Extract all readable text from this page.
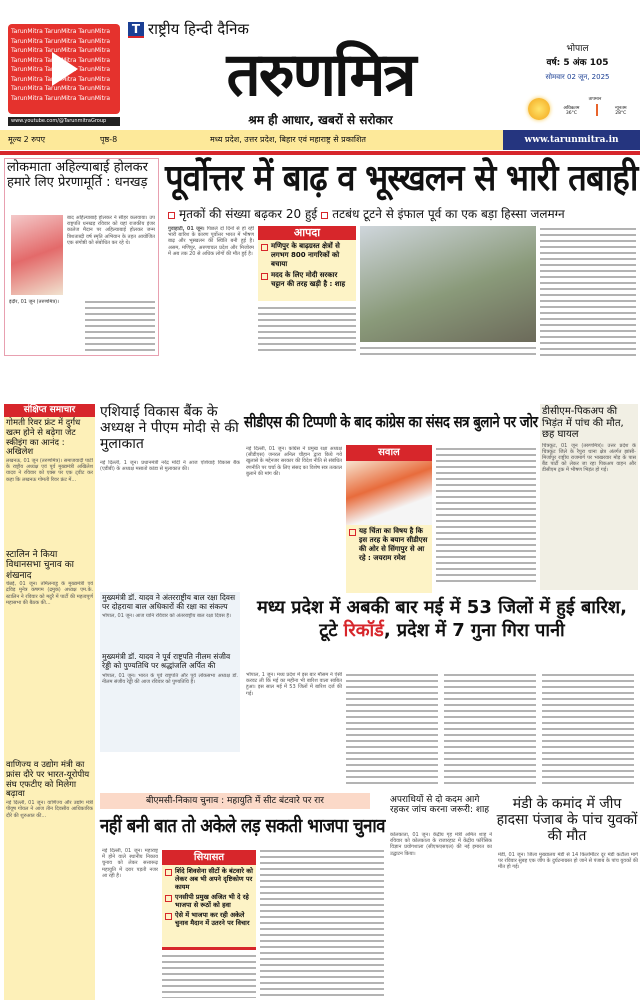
TarunMitra TarunMitra TarunMitra TarunMitra TarunMitra TarunMitra TarunMitra TarunMitra TarunMitra TarunMitra TarunMitra TarunMitra TarunMitra TarunMitra TarunMitra TarunMitra TarunMitra TarunMitra TarunMitra TarunMitra TarunMitra TarunMitra TarunMitra TarunMitra
www.youtube.com/@TarunmitraGroup
T राष्ट्रीय हिन्दी दैनिक
तरुणमित्र
श्रम ही आधार, खबरों से सरोकार
भोपाल
वर्ष: 5 अंक 105
सोमवार 02 जून, 2025
तापमान
अधिकतम
36°C
न्यूनतम
28°C
मूल्य 2 रुपए	पृष्ठ-8	मध्य प्रदेश, उत्तर प्रदेश, बिहार एवं महाराष्ट्र से प्रकाशित	www.tarunmitra.in
लोकमाता अहिल्याबाई होलकर हमारे लिए प्रेरणामूर्ति : धनखड़
बाद अहिल्याबाई होलकर ने सीहर कलवाया। उप राष्ट्रपति धनखड़ रविवार को यहां राजकीय इंजर कालेज मैदान पर अहिल्याबाई होलकर जन्म त्रिशताब्दी वर्ष स्मृति अभियान के तहत आयोजित एक संगोष्ठी को संबोधित कर रहे थे।
इंदौर, 01 जून (तरुणमित्र)।
पूर्वोत्तर में बाढ़ व भूस्खलन से भारी तबाही
मृतकों की संख्या बढ़कर 20 हुई तटबंध टूटने से इंफाल पूर्व का एक बड़ा हिस्सा जलमग्न
गुवाहाटी, 01 जून। पिछले दो दिनों से हो रही भारी बारिश के कारण पूर्वोत्तर भारत में भीषण बाढ़ और भूस्खलन की स्थिति बनी हुई है। असम, मणिपुर, अरुणाचल प्रदेश और मिजोरम में अब तक 20 से अधिक लोगों की मौत हुई है।
आपदा
मणिपुर के बाढ़ग्रस्त क्षेत्रों से लगभग 800 नागरिकों को बचाया
मदद के लिए मोदी सरकार चट्टान की तरह खड़ी है : शाह
संक्षिप्त समाचार
गोमती रिवर फ्रंट में दुर्गंध खत्म होने से बढ़ेगा जेट स्कीइंग का आनंद : अखिलेश
लखनऊ, 01 जून (तरुणमित्र)। समाजवादी पार्टी के राष्ट्रीय अध्यक्ष एवं पूर्व मुख्यमंत्री अखिलेश यादव ने रविवार को एक्स पर एक ट्वीट कर कहा कि लखनऊ गोमती रिवर फ्रंट में...
स्टालिन ने किया विधानसभा चुनाव का शंखनाद
चेन्नई, 01 जून। तमिलनाडु के मुख्यमंत्री एवं द्रविड़ मुनेत्र कषगम (द्रमुक) अध्यक्ष एम.के. स्टालिन ने रविवार को मदुरै में पार्टी की महत्वपूर्ण महासभा की बैठक की...
वाणिज्य व उद्योग मंत्री का फ्रांस दौरे पर भारत-यूरोपीय संघ एफटीए को मिलेगा बढ़ावा
नई दिल्ली, 01 जून। वाणिज्य और उद्योग मंत्री पीयूष गोयल ने आज तीन दिवसीय आधिकारिक दौरे की शुरुआत की...
एशियाई विकास बैंक के अध्यक्ष ने पीएम मोदी से की मुलाकात
नई दिल्ली, 1 जून। प्रधानमंत्री नरेंद्र मोदी ने आज एशियाई विकास बैंक (एडीबी) के अध्यक्ष मसातो कांडा से मुलाकात की।
सीडीएस की टिप्पणी के बाद कांग्रेस का संसद सत्र बुलाने पर जोर
नई दिल्ली, 01 जून। कांग्रेस ने प्रमुख रक्षा अध्यक्ष (सीडीएस) जनरल अनिल चौहान द्वारा किये गये खुलासे के मद्देनजर सरकार की विदेश नीति से संबंधित रणनीति पर चर्चा के लिए संसद का विशेष सत्र तत्काल बुलाने की मांग की।
सवाल
यह चिंता का विषय है कि इस तरह के बयान सीडीएस की ओर से सिंगापुर से आ रहे : जयराम रमेश
डीसीएम-पिकअप की भिड़ंत में पांच की मौत, छह घायल
चित्रकूट, 01 जून (तरुणमित्र)। उत्तर प्रदेश के चित्रकूट जिले के रैपुरा थाना क्षेत्र अंतर्गत झांसी-मिर्जापुर राष्ट्रीय राजमार्ग पर भाखरवार मोड़ के पास बैंड पार्टी को लेकर जा रहा पिकअप वाहन और डीसीएम ट्रक में भीषण भिड़ंत हो गई।
मुख्यमंत्री डॉ. यादव ने अंतरराष्ट्रीय बाल रक्षा दिवस पर दोहराया बाल अधिकारों की रक्षा का संकल्प
भोपाल, 01 जून। आज यानि रविवार को अंतरराष्ट्रीय बाल रक्षा दिवस है।
मुख्यमंत्री डॉ. यादव ने पूर्व राष्ट्रपति नीलम संजीव रेड्डी को पुण्यतिथि पर श्रद्धांजलि अर्पित की
भोपाल, 01 जून। भारत के पूर्व राष्ट्रपति और पूर्व लोकसभा अध्यक्ष डॉ. नीलम संजीव रेड्डी की आज रविवार को पुण्यतिथि है।
मध्य प्रदेश में अबकी बार मई में 53 जिलों में हुई बारिश, टूटे रिकॉर्ड, प्रदेश में 7 गुना गिरा पानी
भोपाल, 1 जून। मध्य प्रदेश में इस बार मौसम ने ऐसी करवट ली कि मई का महीना भी बारिश वाला साबित हुआ। इस साल मई में 53 जिलों में बारिश दर्ज की गई।
बीएमसी-निकाय चुनाव : महायुति में सीट बंटवारे पर रार
नहीं बनी बात तो अकेले लड़ सकती भाजपा चुनाव
नई दिल्ली, 01 जून। महाराष्ट्र में होने वाले स्थानीय निकाय चुनाव को लेकर सत्तारूढ़ महायुति में दरार पड़ती नजर आ रही है।
सियासत
शिंदे शिवसेना सीटों के बंटवारे को लेकर अब भी अपने दृष्टिकोण पर कायम
एनसीपी प्रमुख अजित भी दे रहे भाजपा से रूठों को हवा
ऐसे में भाजपा कर रही अकेले चुनाव मैदान में उतरने पर विचार
अपराधियों से दो कदम आगे रहकर जांच करना जरूरी: शाह
कोलकाता, 01 जून। केंद्रीय गृह मंत्री अमित शाह ने रविवार को कोलकाता के राजारहाट में केंद्रीय फॉरेंसिक विज्ञान प्रयोगशाला (सीएफएसएल) की नई इमारत का उद्घाटन किया।
मंडी के कमांद में जीप हादसा पंजाब के पांच युवकों की मौत
मंडी, 01 जून। जिला मुख्यालय मंडी से 14 किलोमीटर दूर मंडी कटौला मार्ग पर रविवार सुबह एक जीप के दुर्घटनाग्रस्त हो जाने से पंजाब के पांच युवकों की मौत हो गई।
